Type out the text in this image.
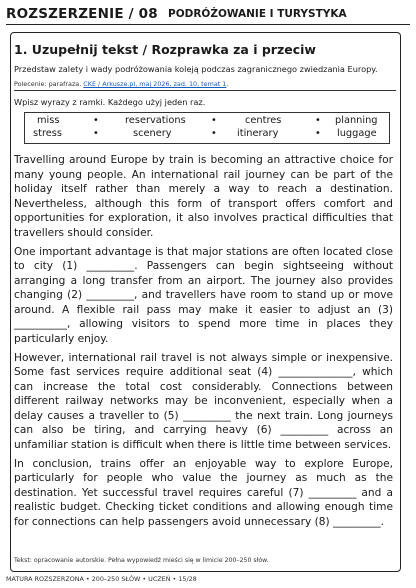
ROZSZERZENIE / 08 PODRÓŻOWANIE I TURYSTYKA
1. Uzupełnij tekst / Rozprawka za i przeciw
Przedstaw zalety i wady podróżowania koleją podczas zagranicznego zwiedzania Europy.
Polecenie: parafraza. CKE / Arkusze.pl, maj 2026, zad. 10, temat 1.
Wpisz wyrazy z ramki. Każdego użyj jeden raz.
miss	•	reservations	•	centres	• planning
stress	•	scenery	• itinerary	• luggage

Travelling around Europe by train is becoming an attractive choice for many young people. An international rail journey can be part of the holiday itself rather than merely a way to reach a destination. Nevertheless, although this form of transport offers comfort and opportunities for exploration, it also involves practical difficulties that travellers should consider.

One important advantage is that major stations are often located close to city (1) _________. Passengers can begin sightseeing without arranging a long transfer from an airport. The journey also provides changing (2) _________, and travellers have room to stand up or move around. A flexible rail pass may make it easier to adjust an (3) __________, allowing visitors to spend more time in places they particularly enjoy.

However, international rail travel is not always simple or inexpensive. Some fast services require additional seat (4) ______________, which can increase the total cost considerably. Connections between different railway networks may be inconvenient, especially when a delay causes a traveller to (5) _________ the next train. Long journeys can also be tiring, and carrying heavy (6) _________ across an unfamiliar station is difficult when there is little time between services.

In conclusion, trains offer an enjoyable way to explore Europe, particularly for people who value the journey as much as the destination. Yet successful travel requires careful (7) _________ and a realistic budget. Checking ticket conditions and allowing enough time for connections can help passengers avoid unnecessary (8) _________.

Tekst: opracowanie autorskie. Pełna wypowiedź mieści się w limicie 200–250 słów.
MATURA ROZSZERZONA • 200–250 SŁÓW • UCZEŃ • 15/28
